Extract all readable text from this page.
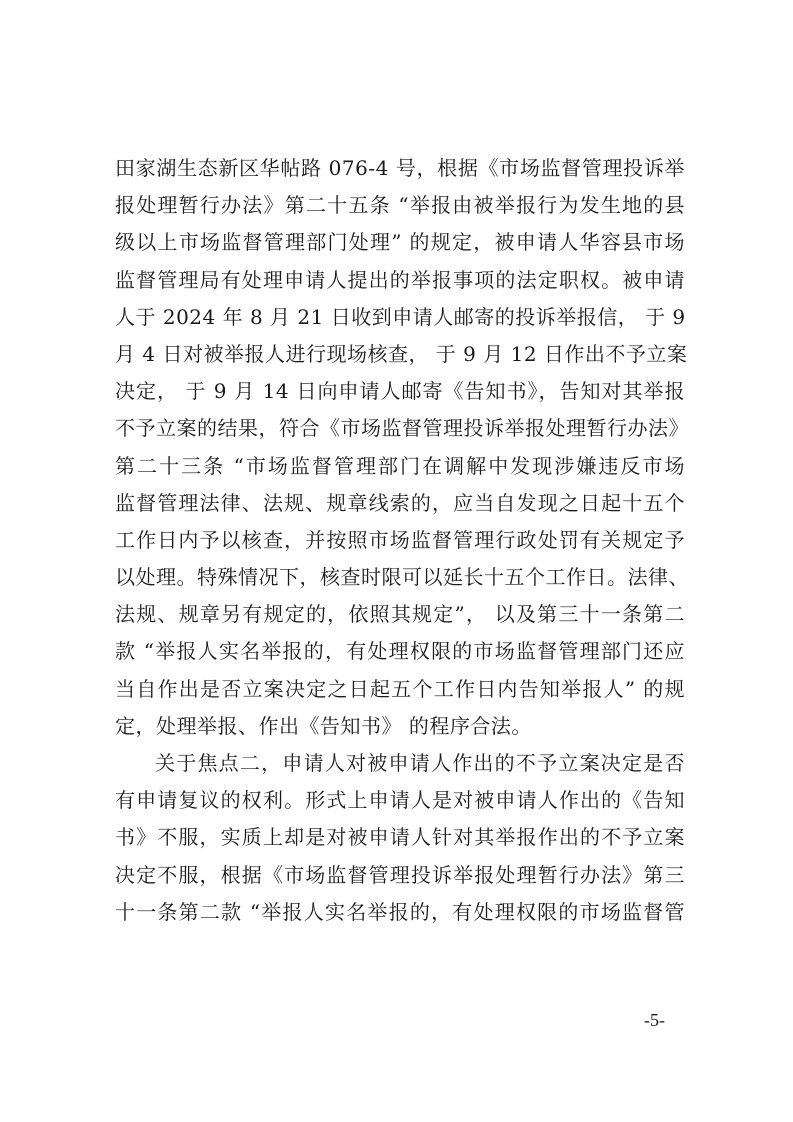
田家湖生态新区华帖路 076-4 号，根据《市场监督管理投诉举
报处理暂行办法》第二十五条 “举报由被举报行为发生地的县
级以上市场监督管理部门处理” 的规定，被申请人华容县市场
监督管理局有处理申请人提出的举报事项的法定职权。被申请
人于 2024 年 8 月 21 日收到申请人邮寄的投诉举报信， 于 9
月 4 日对被举报人进行现场核查， 于 9 月 12 日作出不予立案
决定， 于 9 月 14 日向申请人邮寄《告知书》，告知对其举报
不予立案的结果，符合《市场监督管理投诉举报处理暂行办法》
第二十三条 “市场监督管理部门在调解中发现涉嫌违反市场
监督管理法律、法规、规章线索的，应当自发现之日起十五个
工作日内予以核查，并按照市场监督管理行政处罚有关规定予
以处理。特殊情况下，核查时限可以延长十五个工作日。法律、
法规、规章另有规定的，依照其规定”， 以及第三十一条第二
款 “举报人实名举报的，有处理权限的市场监督管理部门还应
当自作出是否立案决定之日起五个工作日内告知举报人” 的规
定，处理举报、作出《告知书》 的程序合法。
关于焦点二，申请人对被申请人作出的不予立案决定是否
有申请复议的权利。形式上申请人是对被申请人作出的《告知
书》不服，实质上却是对被申请人针对其举报作出的不予立案
决定不服，根据《市场监督管理投诉举报处理暂行办法》第三
十一条第二款 “举报人实名举报的，有处理权限的市场监督管
-5-
